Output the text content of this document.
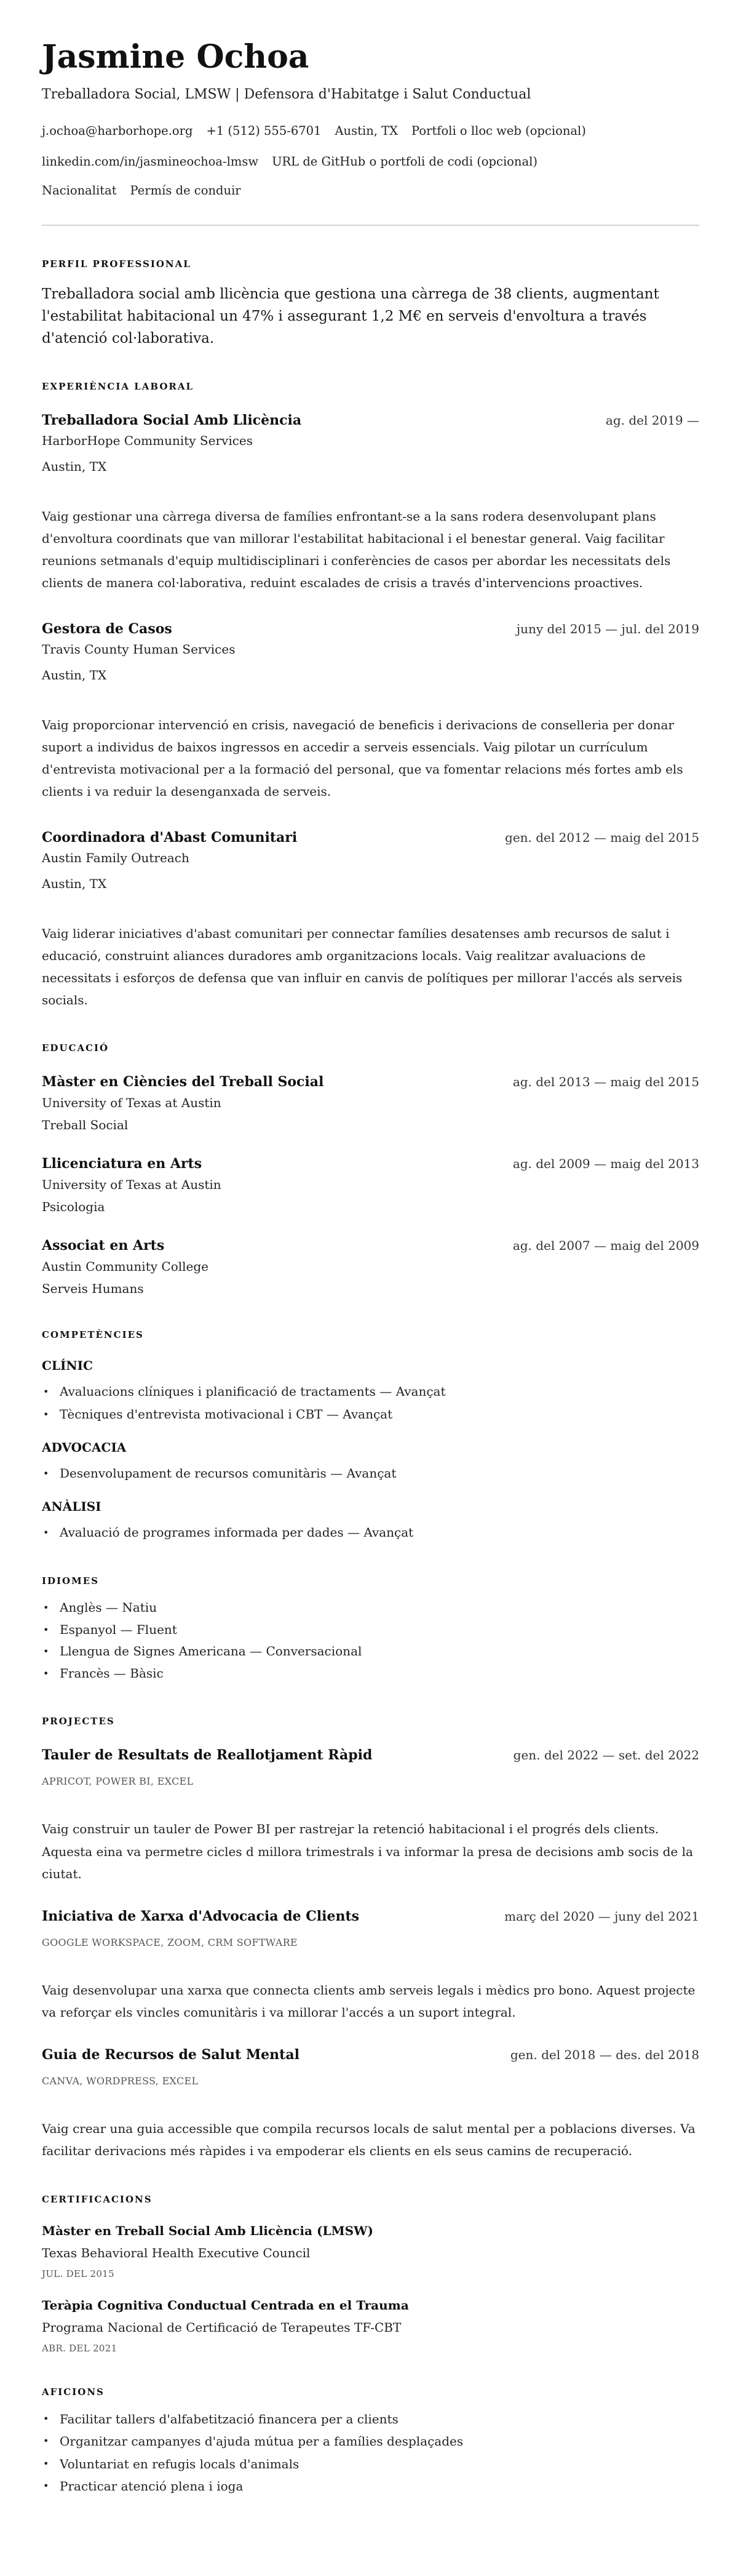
Jasmine Ochoa
Treballadora Social, LMSW | Defensora d'Habitatge i Salut Conductual
j.ochoa@harborhope.org +1 (512) 555-6701 Austin, TX Portfoli o lloc web (opcional)
linkedin.com/in/jasmineochoa-lmsw URL de GitHub o portfoli de codi (opcional)
Nacionalitat Permís de conduir
PERFIL PROFESSIONAL

Treballadora social amb llicència que gestiona una càrrega de 38 clients, augmentant l'estabilitat habitacional un 47% i assegurant 1,2 M€ en serveis d'envoltura a través d'atenció col·laborativa.

EXPERIÈNCIA LABORAL
Treballadora Social Amb Llicència	ag. del 2019 —
HarborHope Community Services
Austin, TX
Vaig gestionar una càrrega diversa de famílies enfrontant-se a la sans rodera desenvolupant plans d'envoltura coordinats que van millorar l'estabilitat habitacional i el benestar general. Vaig facilitar reunions setmanals d'equip multidisciplinari i conferències de casos per abordar les necessitats dels clients de manera col·laborativa, reduint escalades de crisis a través d'intervencions proactives.
Gestora de Casos	juny del 2015 — jul. del 2019
Travis County Human Services
Austin, TX
Vaig proporcionar intervenció en crisis, navegació de beneficis i derivacions de conselleria per donar suport a individus de baixos ingressos en accedir a serveis essencials. Vaig pilotar un currículum d'entrevista motivacional per a la formació del personal, que va fomentar relacions més fortes amb els clients i va reduir la desenganxada de serveis.
Coordinadora d'Abast Comunitari	gen. del 2012 — maig del 2015
Austin Family Outreach
Austin, TX
Vaig liderar iniciatives d'abast comunitari per connectar famílies desatenses amb recursos de salut i educació, construint aliances duradores amb organitzacions locals. Vaig realitzar avaluacions de necessitats i esforços de defensa que van influir en canvis de polítiques per millorar l'accés als serveis socials.
EDUCACIÓ
Màster en Ciències del Treball Social	ag. del 2013 — maig del 2015
University of Texas at Austin
Treball Social
Llicenciatura en Arts	ag. del 2009 — maig del 2013
University of Texas at Austin
Psicologia
Associat en Arts	ag. del 2007 — maig del 2009
Austin Community College
Serveis Humans
COMPETÈNCIES
CLÍNIC
• Avaluacions clíniques i planificació de tractaments — Avançat
• Tècniques d'entrevista motivacional i CBT — Avançat
ADVOCACIA
• Desenvolupament de recursos comunitàris — Avançat
ANÀLISI
• Avaluació de programes informada per dades — Avançat
IDIOMES
• Anglès — Natiu
• Espanyol — Fluent
• Llengua de Signes Americana — Conversacional
• Francès — Bàsic
PROJECTES
Tauler de Resultats de Reallotjament Ràpid	gen. del 2022 — set. del 2022
APRICOT, POWER BI, EXCEL
Vaig construir un tauler de Power BI per rastrejar la retenció habitacional i el progrés dels clients. Aquesta eina va permetre cicles d millora trimestrals i va informar la presa de decisions amb socis de la ciutat.
Iniciativa de Xarxa d'Advocacia de Clients	març del 2020 — juny del 2021
GOOGLE WORKSPACE, ZOOM, CRM SOFTWARE
Vaig desenvolupar una xarxa que connecta clients amb serveis legals i mèdics pro bono. Aquest projecte va reforçar els vincles comunitàris i va millorar l'accés a un suport integral.
Guia de Recursos de Salut Mental	gen. del 2018 — des. del 2018
CANVA, WORDPRESS, EXCEL
Vaig crear una guia accessible que compila recursos locals de salut mental per a poblacions diverses. Va facilitar derivacions més ràpides i va empoderar els clients en els seus camins de recuperació.
CERTIFICACIONS
Màster en Treball Social Amb Llicència (LMSW)
Texas Behavioral Health Executive Council
JUL. DEL 2015
Teràpia Cognitiva Conductual Centrada en el Trauma
Programa Nacional de Certificació de Terapeutes TF-CBT
ABR. DEL 2021
AFICIONS
• Facilitar tallers d'alfabetització financera per a clients
• Organitzar campanyes d'ajuda mútua per a famílies desplaçades
• Voluntariat en refugis locals d'animals
• Practicar atenció plena i ioga
